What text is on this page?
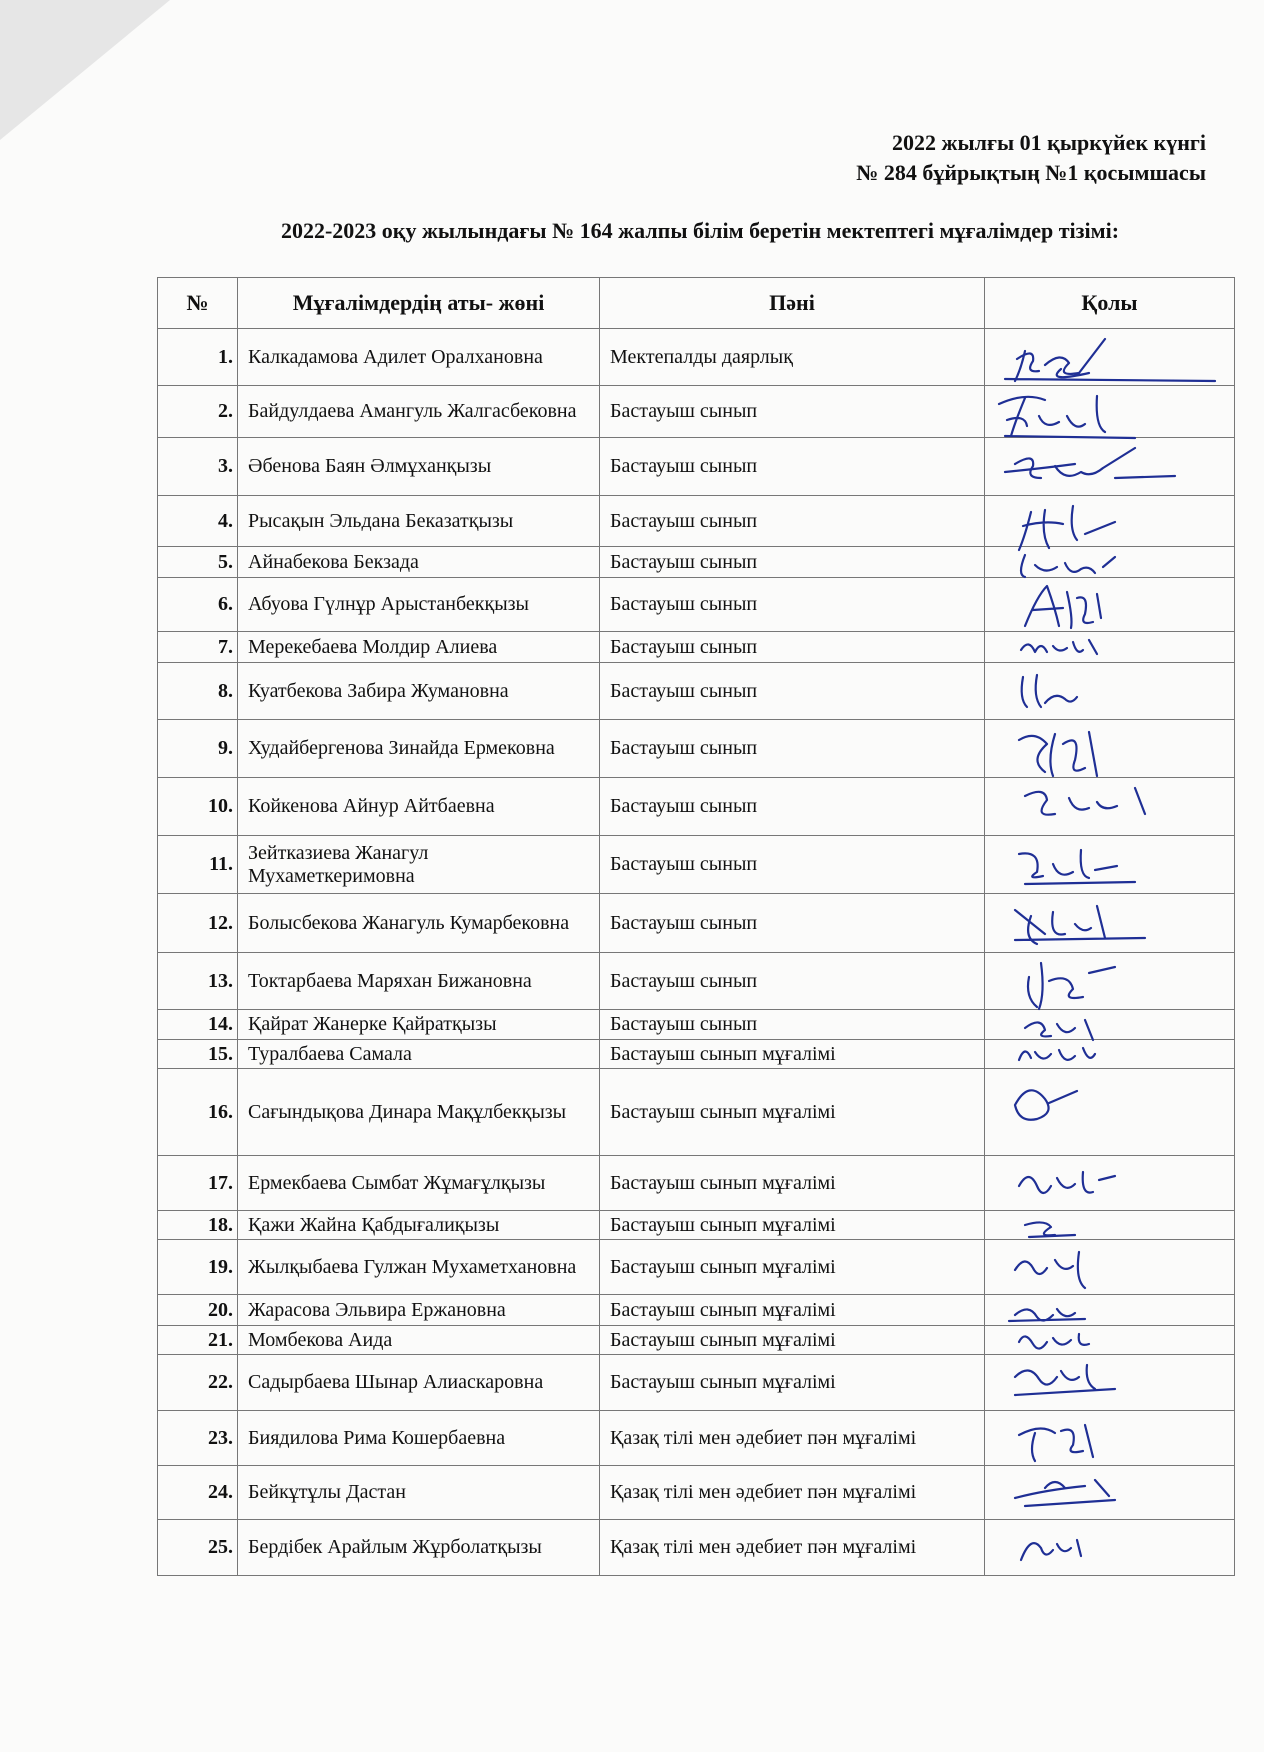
2022 жылғы 01 қыркүйек күнгі
№ 284 бұйрықтың №1 қосымшасы
2022-2023 оқу жылындағы № 164 жалпы білім беретін мектептегі мұғалімдер тізімі:
№	Мұғалімдердің аты- жөні	Пәні	Қолы
1.	Калкадамова Адилет Оралхановна	Мектепалды даярлық	

2.	Байдулдаева Амангуль Жалгасбековна	Бастауыш сынып	

3.	Әбенова Баян Әлмұханқызы	Бастауыш сынып	

4.	Рысақын Эльдана Беказатқызы	Бастауыш сынып	

5.	Айнабекова Бекзада	Бастауыш сынып	

6.	Абуова Гүлнұр Арыстанбекқызы	Бастауыш сынып	

7.	Мерекебаева Молдир Алиева	Бастауыш сынып	

8.	Куатбекова Забира Жумановна	Бастауыш сынып	

9.	Худайбергенова Зинайда Ермековна	Бастауыш сынып	

10.	Койкенова Айнур Айтбаевна	Бастауыш сынып	

11.	Зейтказиева Жанагул Мухаметкеримовна	Бастауыш сынып	

12.	Болысбекова Жанагуль Кумарбековна	Бастауыш сынып	

13.	Токтарбаева Маряхан Бижановна	Бастауыш сынып	

14.	Қайрат Жанерке Қайратқызы	Бастауыш сынып	

15.	Туралбаева Самала	Бастауыш сынып мұғалімі	

16.	Сағындықова Динара Мақұлбекқызы	Бастауыш сынып мұғалімі	

17.	Ермекбаева Сымбат Жұмағұлқызы	Бастауыш сынып мұғалімі	

18.	Қажи Жайна Қабдығалиқызы	Бастауыш сынып мұғалімі	

19.	Жылқыбаева Гулжан Мухаметхановна	Бастауыш сынып мұғалімі	

20.	Жарасова Эльвира Ержановна	Бастауыш сынып мұғалімі	

21.	Момбекова Аида	Бастауыш сынып мұғалімі	

22.	Садырбаева Шынар Алиаскаровна	Бастауыш сынып мұғалімі	

23.	Биядилова Рима Кошербаевна	Қазақ тілі мен әдебиет пән мұғалімі	

24.	Бейкұтұлы Дастан	Қазақ тілі мен әдебиет пән мұғалімі	

25.	Бердібек Арайлым Жұрболатқызы	Қазақ тілі мен әдебиет пән мұғалімі	
